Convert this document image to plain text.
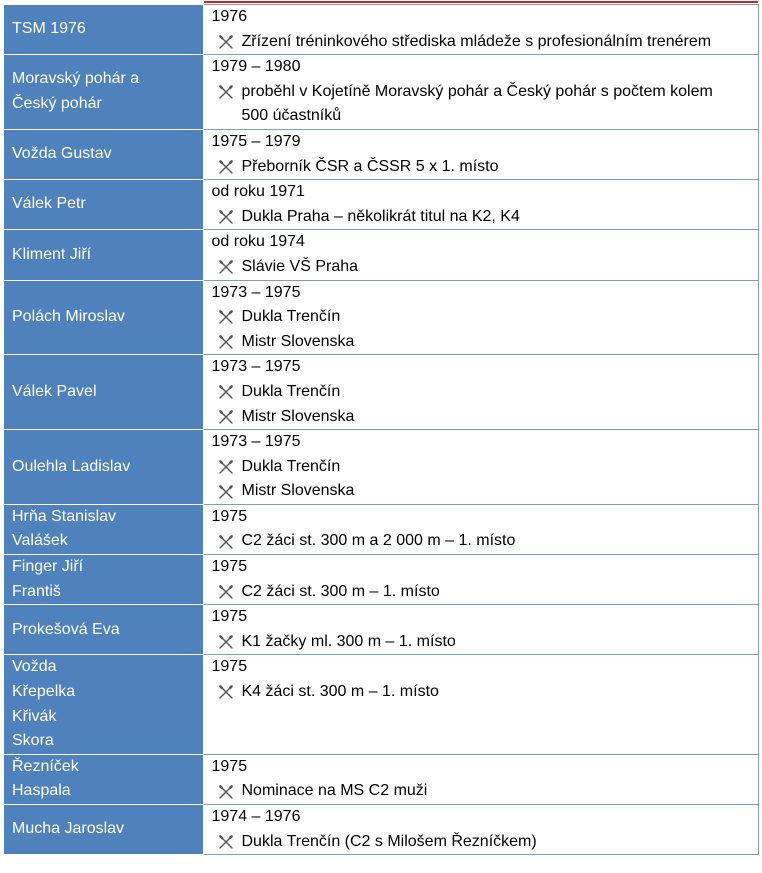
TSM 1976	1976
Zřízení tréninkového střediska mládeže s profesionálním trenérem

Moravský pohár a
Český pohár	1979 – 1980
proběhl v Kojetíně Moravský pohár a Český pohár s počtem kolem 500 účastníků

Vožda Gustav	1975 – 1979
Přeborník ČSR a ČSSR 5 x 1. místo

Válek Petr	od roku 1971
Dukla Praha – několikrát titul na K2, K4

Kliment Jiří	od roku 1974
Slávie VŠ Praha

Polách Miroslav	1973 – 1975
Dukla Trenčín
Mistr Slovenska

Válek Pavel	1973 – 1975
Dukla Trenčín
Mistr Slovenska

Oulehla Ladislav	1973 – 1975
Dukla Trenčín
Mistr Slovenska

Hrňa Stanislav
Valášek	1975
C2 žáci st. 300 m a 2 000 m – 1. místo

Finger Jiří
Františ	1975
C2 žáci st. 300 m – 1. místo

Prokešová Eva	1975
K1 žačky ml. 300 m – 1. místo

Vožda
Křepelka
Křivák
Skora	1975
K4 žáci st. 300 m – 1. místo

Řezníček
Haspala	1975
Nominace na MS C2 muži

Mucha Jaroslav	1974 – 1976
Dukla Trenčín (C2 s Milošem Řezníčkem)
